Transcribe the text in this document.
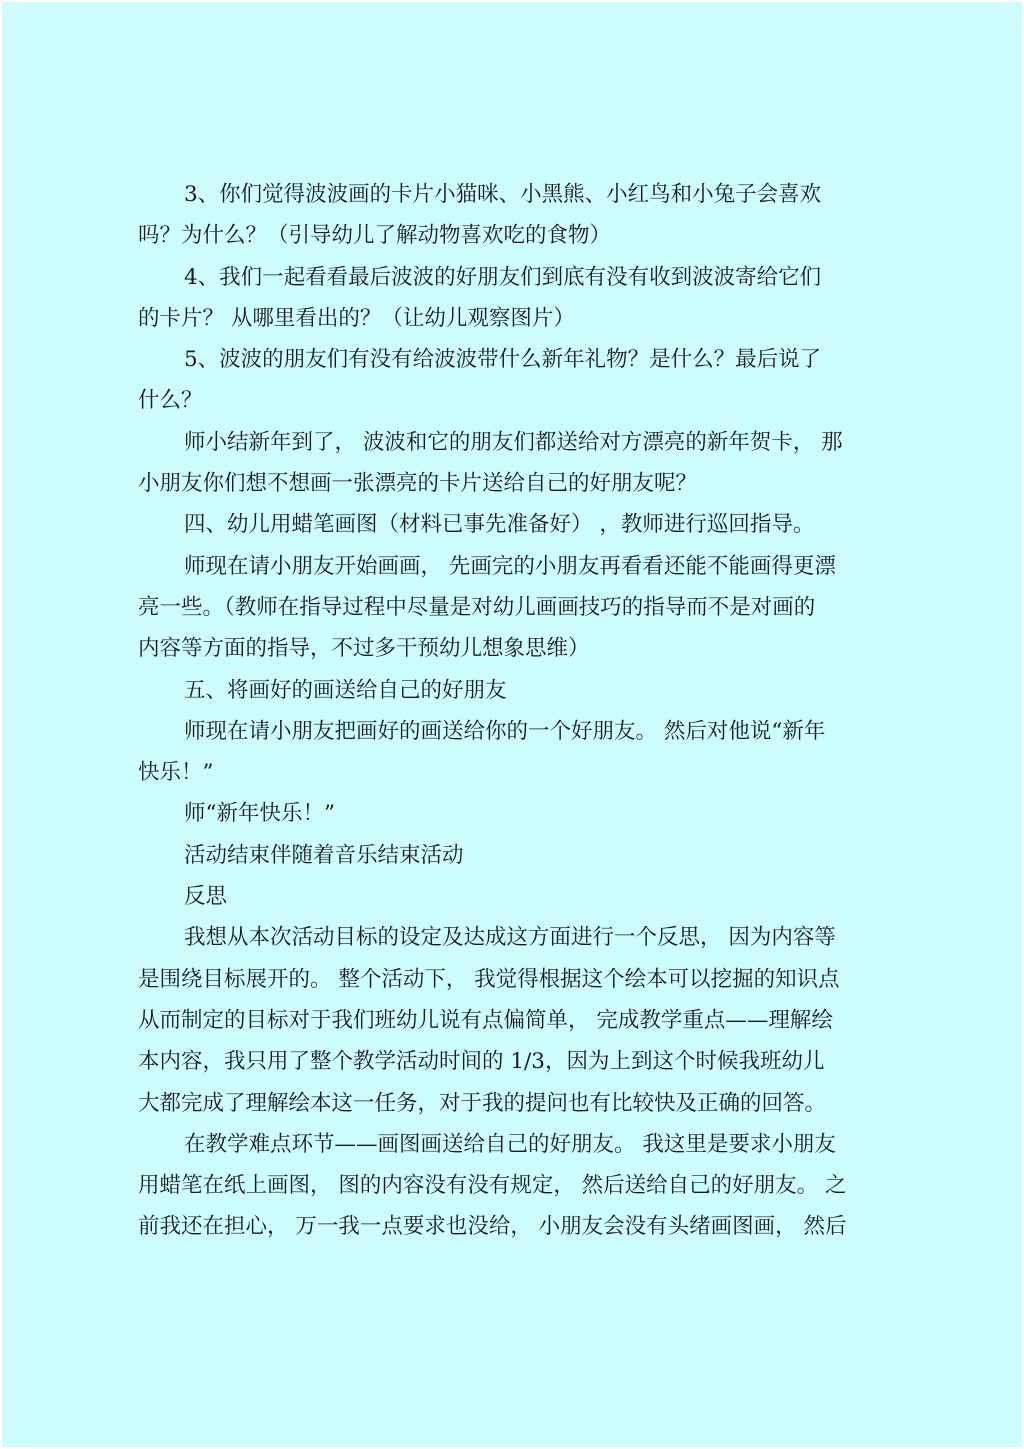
3、你们觉得波波画的卡片小猫咪、小黑熊、小红鸟和小兔子会喜欢
吗？为什么？（引导幼儿了解动物喜欢吃的食物）
4、我们一起看看最后波波的好朋友们到底有没有收到波波寄给它们
的卡片？ 从哪里看出的？（让幼儿观察图片）
5、波波的朋友们有没有给波波带什么新年礼物？是什么？最后说了
什么？
师小结新年到了， 波波和它的朋友们都送给对方漂亮的新年贺卡， 那
小朋友你们想不想画一张漂亮的卡片送给自己的好朋友呢？
四、幼儿用蜡笔画图（材料已事先准备好） ，教师进行巡回指导。
师现在请小朋友开始画画， 先画完的小朋友再看看还能不能画得更漂
亮一些。（教师在指导过程中尽量是对幼儿画画技巧的指导而不是对画的
内容等方面的指导，不过多干预幼儿想象思维）
五、将画好的画送给自己的好朋友
师现在请小朋友把画好的画送给你的一个好朋友。 然后对他说“新年
快乐！”
师“新年快乐！”
活动结束伴随着音乐结束活动
反思
我想从本次活动目标的设定及达成这方面进行一个反思， 因为内容等
是围绕目标展开的。 整个活动下， 我觉得根据这个绘本可以挖掘的知识点
从而制定的目标对于我们班幼儿说有点偏简单， 完成教学重点——理解绘
本内容，我只用了整个教学活动时间的 1/3，因为上到这个时候我班幼儿
大都完成了理解绘本这一任务，对于我的提问也有比较快及正确的回答。
在教学难点环节——画图画送给自己的好朋友。 我这里是要求小朋友
用蜡笔在纸上画图， 图的内容没有没有规定， 然后送给自己的好朋友。 之
前我还在担心， 万一我一点要求也没给， 小朋友会没有头绪画图画， 然后
